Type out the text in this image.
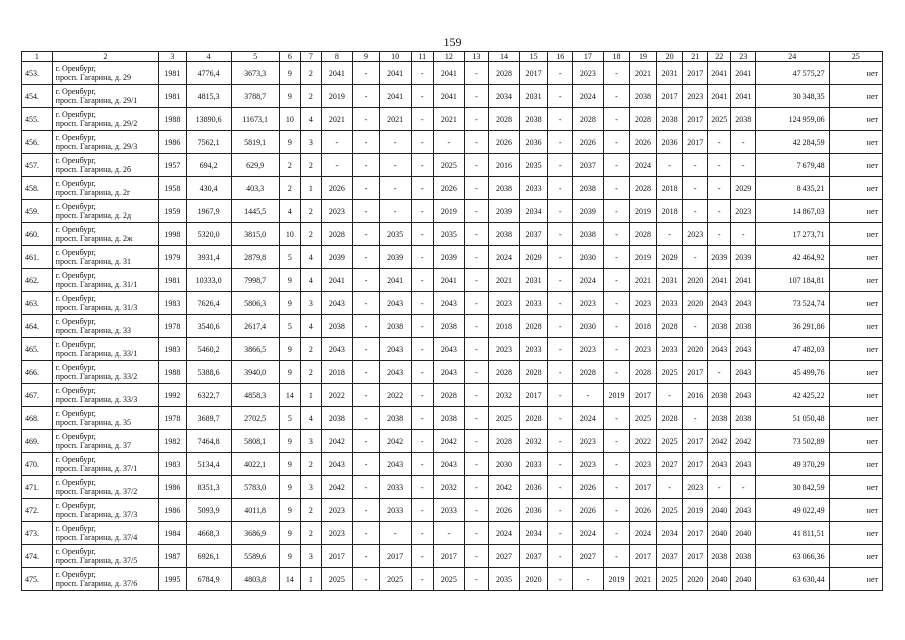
159
1	2	3	4	5	6	7	8	9	10	11	12	13	14	15	16	17	18	19	20	21	22	23	24	25
453.	г. Оренбург,
просп. Гагарина, д. 29	1981	4776,4	3673,3	9	2	2041	-	2041	-	2041	-	2028	2017	-	2023	-	2021	2031	2017	2041	2041	47 575,27	нет
454.	г. Оренбург,
просп. Гагарина, д. 29/1	1981	4815,3	3788,7	9	2	2019	-	2041	-	2041	-	2034	2031	-	2024	-	2038	2017	2023	2041	2041	30 348,35	нет
455.	г. Оренбург,
просп. Гагарина, д. 29/2	1988	13890,6	11673,1	10	4	2021	-	2021	-	2021	-	2028	2038	-	2028	-	2028	2038	2017	2025	2038	124 959,06	нет
456.	г. Оренбург,
просп. Гагарина, д. 29/3	1986	7562,1	5819,1	9	3	-	-	-	-	-	-	2026	2036	-	2026	-	2026	2036	2017	-	-	42 284,59	нет
457.	г. Оренбург,
просп. Гагарина, д. 2б	1957	694,2	629,9	2	2	-	-	-	-	2025	-	2016	2035	-	2037	-	2024	-	-	-	-	7 679,48	нет
458.	г. Оренбург,
просп. Гагарина, д. 2г	1958	430,4	403,3	2	1	2026	-	-	-	2026	-	2038	2033	-	2038	-	2028	2018	-	-	2029	8 435,21	нет
459.	г. Оренбург,
просп. Гагарина, д. 2д	1959	1967,9	1445,5	4	2	2023	-	-	-	2019	-	2039	2034	-	2039	-	2019	2018	-	-	2023	14 867,03	нет
460.	г. Оренбург,
просп. Гагарина, д. 2ж	1998	5320,0	3815,0	10	2	2028	-	2035	-	2035	-	2038	2037	-	2038	-	2028	-	2023	-	-	17 273,71	нет
461.	г. Оренбург,
просп. Гагарина, д. 31	1979	3931,4	2879,8	5	4	2039	-	2039	-	2039	-	2024	2029	-	2030	-	2019	2029	-	2039	2039	42 464,92	нет
462.	г. Оренбург,
просп. Гагарина, д. 31/1	1981	10333,0	7998,7	9	4	2041	-	2041	-	2041	-	2021	2031	-	2024	-	2021	2031	2020	2041	2041	107 184,81	нет
463.	г. Оренбург,
просп. Гагарина, д. 31/3	1983	7626,4	5806,3	9	3	2043	-	2043	-	2043	-	2023	2033	-	2023	-	2023	2033	2020	2043	2043	73 524,74	нет
464.	г. Оренбург,
просп. Гагарина, д. 33	1978	3540,6	2617,4	5	4	2038	-	2038	-	2038	-	2018	2028	-	2030	-	2018	2028	-	2038	2038	36 291,86	нет
465.	г. Оренбург,
просп. Гагарина, д. 33/1	1983	5460,2	3866,5	9	2	2043	-	2043	-	2043	-	2023	2033	-	2023	-	2023	2033	2020	2043	2043	47 482,03	нет
466.	г. Оренбург,
просп. Гагарина, д. 33/2	1988	5388,6	3940,0	9	2	2018	-	2043	-	2043	-	2028	2028	-	2028	-	2028	2025	2017	-	2043	45 499,76	нет
467.	г. Оренбург,
просп. Гагарина, д. 33/3	1992	6322,7	4858,3	14	1	2022	-	2022	-	2028	-	2032	2017	-	-	2019	2017	-	2016	2038	2043	42 425,22	нет
468.	г. Оренбург,
просп. Гагарина, д. 35	1978	3689,7	2702,5	5	4	2038	-	2038	-	2038	-	2025	2028	-	2024	-	2025	2028	-	2038	2038	51 050,48	нет
469.	г. Оренбург,
просп. Гагарина, д. 37	1982	7464,8	5808,1	9	3	2042	-	2042	-	2042	-	2028	2032	-	2023	-	2022	2025	2017	2042	2042	73 502,89	нет
470.	г. Оренбург,
просп. Гагарина, д. 37/1	1983	5134,4	4022,1	9	2	2043	-	2043	-	2043	-	2030	2033	-	2023	-	2023	2027	2017	2043	2043	49 370,29	нет
471.	г. Оренбург,
просп. Гагарина, д. 37/2	1986	8351,3	5783,0	9	3	2042	-	2033	-	2032	-	2042	2036	-	2026	-	2017	-	2023	-	-	30 842,59	нет
472.	г. Оренбург,
просп. Гагарина, д. 37/3	1986	5093,9	4011,8	9	2	2023	-	2033	-	2033	-	2026	2036	-	2026	-	2026	2025	2019	2040	2043	49 022,49	нет
473.	г. Оренбург,
просп. Гагарина, д. 37/4	1984	4668,3	3686,9	9	2	2023	-	-	-	-	-	2024	2034	-	2024	-	2024	2034	2017	2040	2040	41 811,51	нет
474.	г. Оренбург,
просп. Гагарина, д. 37/5	1987	6926,1	5589,6	9	3	2017	-	2017	-	2017	-	2027	2037	-	2027	-	2017	2037	2017	2038	2038	63 066,36	нет
475.	г. Оренбург,
просп. Гагарина, д. 37/6	1995	6784,9	4803,8	14	1	2025	-	2025	-	2025	-	2035	2020	-	-	2019	2021	2025	2020	2040	2040	63 630,44	нет
